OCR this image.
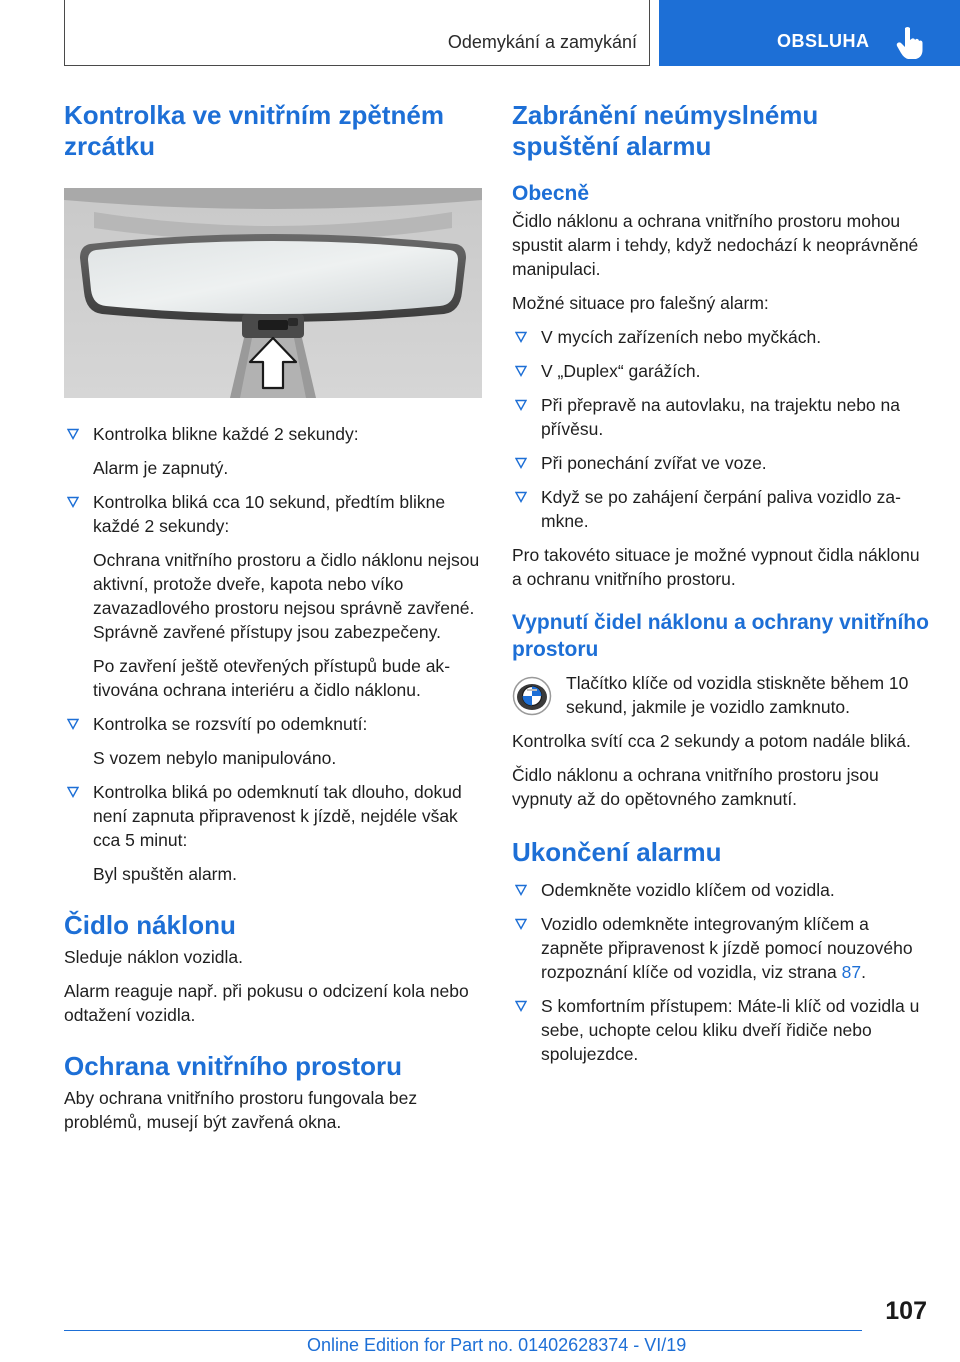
Odemykání a zamykání	OBSLUHA
Kontrolka ve vnitřním zpětném zrcátku
Kontrolka blikne každé 2 sekundy:
Alarm je zapnutý.
Kontrolka bliká cca 10 sekund, předtím blikne každé 2 sekundy:
Ochrana vnitřního prostoru a čidlo náklonu nejsou aktivní, protože dveře, kapota nebo víko zavazadlového prostoru nejsou správně zavřené. Správně zavřené přístupy jsou zabezpečeny.
Po zavření ještě otevřených přístupů bude aktivována ochrana interiéru a čidlo náklonu.
Kontrolka se rozsvítí po odemknutí:
S vozem nebylo manipulováno.
Kontrolka bliká po odemknutí tak dlouho, dokud není zapnuta připravenost k jízdě, nejdéle však cca 5 minut:
Byl spuštěn alarm.
Čidlo náklonu

Sleduje náklon vozidla.

Alarm reaguje např. při pokusu o odcizení kola nebo odtažení vozidla.

Ochrana vnitřního prostoru

Aby ochrana vnitřního prostoru fungovala bez problémů, musejí být zavřená okna.

Zabránění neúmyslnému spuštění alarmu
Obecně

Čidlo náklonu a ochrana vnitřního prostoru mohou spustit alarm i tehdy, když nedochází k neoprávněné manipulaci.

Možné situace pro falešný alarm:

V mycích zařízeních nebo myčkách.
V „Duplex“ garážích.
Při přepravě na autovlaku, na trajektu nebo na přívěsu.
Při ponechání zvířat ve voze.
Když se po zahájení čerpání paliva vozidlo zamkne.

Pro takovéto situace je možné vypnout čidla náklonu a ochranu vnitřního prostoru.

Vypnutí čidel náklonu a ochrany vnitřního prostoru

Tlačítko klíče od vozidla stiskněte během 10 sekund, jakmile je vozidlo zamknuto.

Kontrolka svítí cca 2 sekundy a potom nadále bliká.

Čidlo náklonu a ochrana vnitřního prostoru jsou vypnuty až do opětovného zamknutí.

Ukončení alarmu
Odemkněte vozidlo klíčem od vozidla.
Vozidlo odemkněte integrovaným klíčem a zapněte připravenost k jízdě pomocí nouzového rozpoznání klíče od vozidla, viz strana 87.
S komfortním přístupem: Máte-li klíč od vozidla u sebe, uchopte celou kliku dveří řidiče nebo spolujezdce.
107
Online Edition for Part no. 01402628374 - VI/19
